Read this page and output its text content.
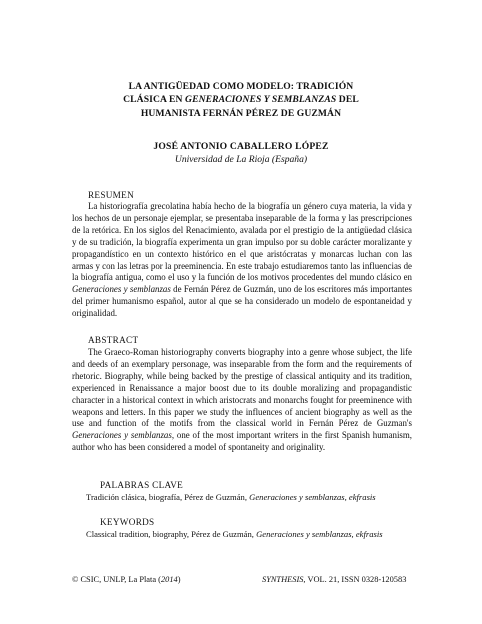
LA ANTIGÜEDAD COMO MODELO: TRADICIÓN
CLÁSICA EN GENERACIONES Y SEMBLANZAS DEL
HUMANISTA FERNÁN PÉREZ DE GUZMÁN
JOSÉ ANTONIO CABALLERO LÓPEZ
Universidad de La Rioja (España)
RESUMEN
La historiografía grecolatina había hecho de la biografía un género cuya materia, la vida y los hechos de un personaje ejemplar, se presentaba inseparable de la forma y las prescripciones de la retórica. En los siglos del Renacimiento, avalada por el prestigio de la antigüedad clásica y de su tradición, la biografía experimenta un gran impulso por su doble carácter moralizante y propagandístico en un contexto histórico en el que aristócratas y monarcas luchan con las armas y con las letras por la preeminencia. En este trabajo estudiaremos tanto las influencias de la biografía antigua, como el uso y la función de los motivos procedentes del mundo clásico en Generaciones y semblanzas de Fernán Pérez de Guzmán, uno de los escritores más importantes del primer humanismo español, autor al que se ha considerado un modelo de espontaneidad y originalidad.
ABSTRACT
The Graeco-Roman historiography converts biography into a genre whose subject, the life and deeds of an exemplary personage, was inseparable from the form and the requirements of rhetoric. Biography, while being backed by the prestige of classical antiquity and its tradition, experienced in Renaissance a major boost due to its double moralizing and propagandistic character in a historical context in which aristocrats and monarchs fought for preeminence with weapons and letters. In this paper we study the influences of ancient biography as well as the use and function of the motifs from the classical world in Fernán Pérez de Guzman's Generaciones y semblanzas, one of the most important writers in the first Spanish humanism, author who has been considered a model of spontaneity and originality.
PALABRAS CLAVE
Tradición clásica, biografía, Pérez de Guzmán, Generaciones y semblanzas, ekfrasis
KEYWORDS
Classical tradition, biography, Pérez de Guzmán, Generaciones y semblanzas, ekfrasis
© CSIC, UNLP, La Plata (2014)	SYNTHESIS, VOL. 21, ISSN 0328-1205 83
